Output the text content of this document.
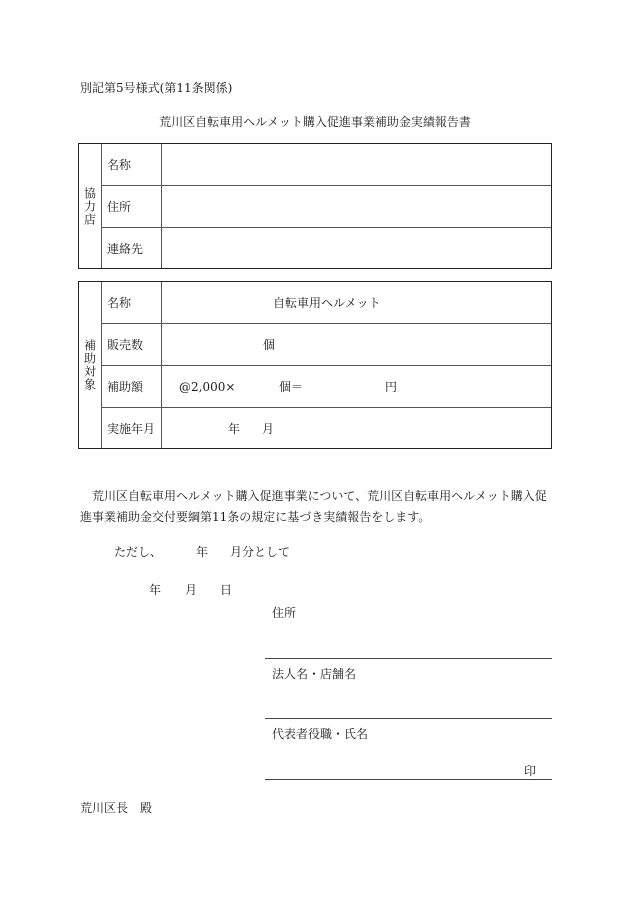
別記第5号様式(第11条関係)
荒川区自転車用ヘルメット購入促進事業補助金実績報告書
協力店
名称
住所
連絡先
補助対象
名称	自転車用ヘルメット
販売数	個
補助額	@2,000×	個＝	円
実施年月	年 月
荒川区自転車用ヘルメット購入促進事業について、荒川区自転車用ヘルメット購入促進事業補助金交付要綱第11条の規定に基づき実績報告をします。
ただし、	年 月分として
年 月 日
住所
法人名・店舗名
代表者役職・氏名
印
荒川区長　殿
